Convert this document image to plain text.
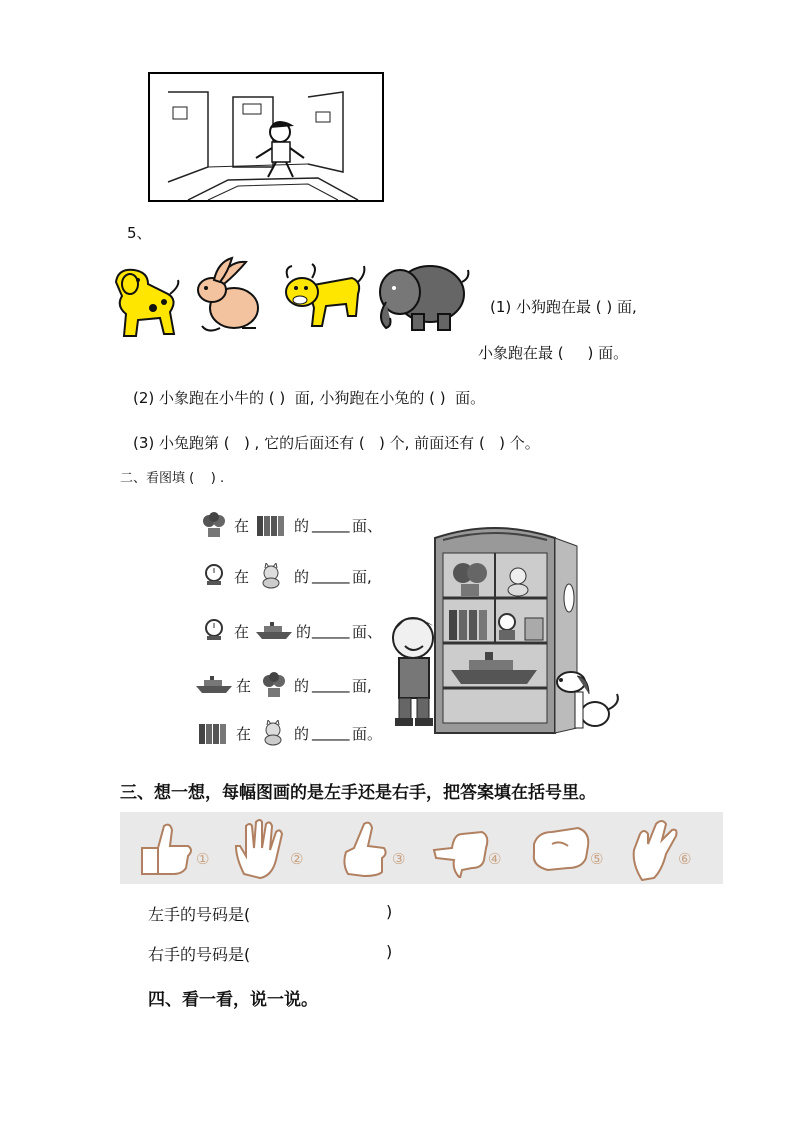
5、
(1) 小狗跑在最 ( ) 面,
小象跑在最 (     ) 面。
(2) 小象跑在小牛的 ( )  面, 小狗跑在小兔的 ( )  面。
(3) 小兔跑第 (   ) , 它的后面还有 (   ) 个, 前面还有 (   ) 个。
二、看图填 (    ) .
在	的 _____ 面、
在	的 _____ 面,
在	的 _____ 面、
在	的 _____ 面,
在	的 _____ 面。
三、想一想，每幅图画的是左手还是右手，把答案填在括号里。
①	②	③	④	⑤	⑥
左手的号码是(	)
右手的号码是(	)
四、看一看，说一说。
